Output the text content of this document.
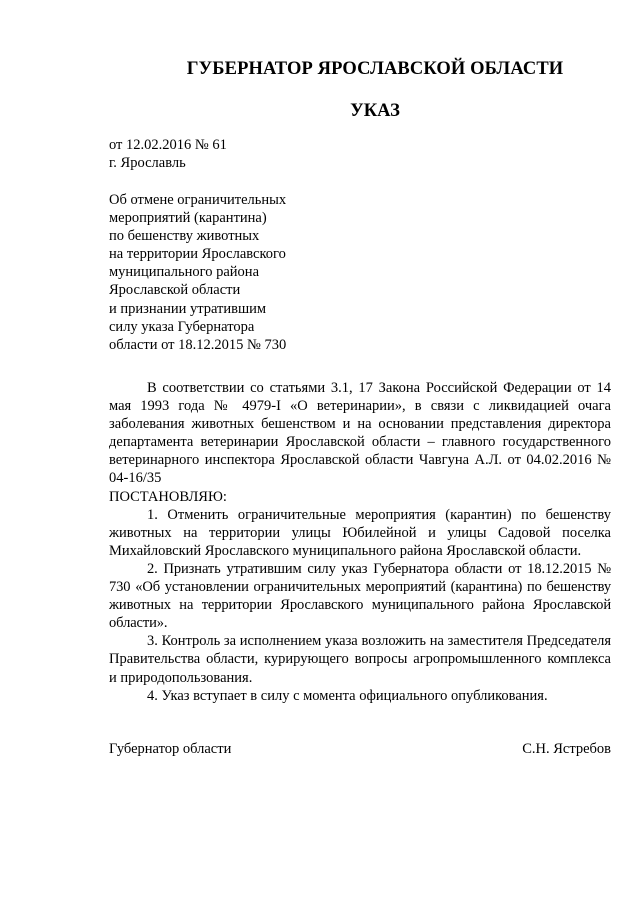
ГУБЕРНАТОР ЯРОСЛАВСКОЙ ОБЛАСТИ
УКАЗ
от 12.02.2016 № 61
г. Ярославль
Об отмене ограничительных
мероприятий (карантина)
по бешенству животных
на территории Ярославского
муниципального района
Ярославской области
и признании утратившим
силу указа Губернатора
области от 18.12.2015 № 730

В соответствии со статьями 3.1, 17 Закона Российской Федерации от 14 мая 1993 года № 4979-I «О ветеринарии», в связи с ликвидацией очага заболевания животных бешенством и на основании представления директора департамента ветеринарии Ярославской области – главного государственного ветеринарного инспектора Ярославской области Чавгуна А.Л. от 04.02.2016 № 04-16/35

ПОСТАНОВЛЯЮ:

1. Отменить ограничительные мероприятия (карантин) по бешенству животных на территории улицы Юбилейной и улицы Садовой поселка Михайловский Ярославского муниципального района Ярославской области.

2. Признать утратившим силу указ Губернатора области от 18.12.2015 № 730 «Об установлении ограничительных мероприятий (карантина) по бешенству животных на территории Ярославского муниципального района Ярославской области».

3. Контроль за исполнением указа возложить на заместителя Председателя Правительства области, курирующего вопросы агропромышленного комплекса и природопользования.

4. Указ вступает в силу с момента официального опубликования.

Губернатор области	С.Н. Ястребов
